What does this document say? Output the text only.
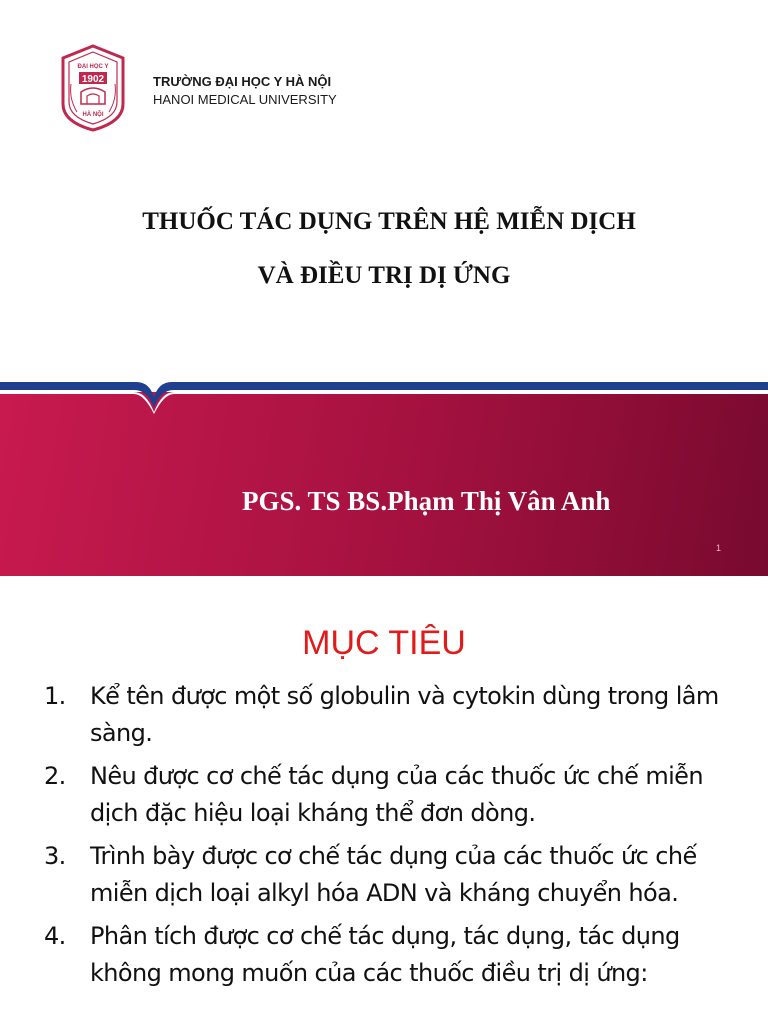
ĐẠI HỌC Y
1902
HÀ NỘI
TRƯỜNG ĐẠI HỌC Y HÀ NỘI
HANOI MEDICAL UNIVERSITY
THUỐC TÁC DỤNG TRÊN HỆ MIỄN DỊCH
VÀ ĐIỀU TRỊ DỊ ỨNG
PGS. TS BS.Phạm Thị Vân Anh
1
MỤC TIÊU
1. Kể tên được một số globulin và cytokin dùng trong lâm sàng.
2. Nêu được cơ chế tác dụng của các thuốc ức chế miễn dịch đặc hiệu loại kháng thể đơn dòng.
3. Trình bày được cơ chế tác dụng của các thuốc ức chế miễn dịch loại alkyl hóa ADN và kháng chuyển hóa.
4. Phân tích được cơ chế tác dụng, tác dụng, tác dụng không mong muốn của các thuốc điều trị dị ứng:
